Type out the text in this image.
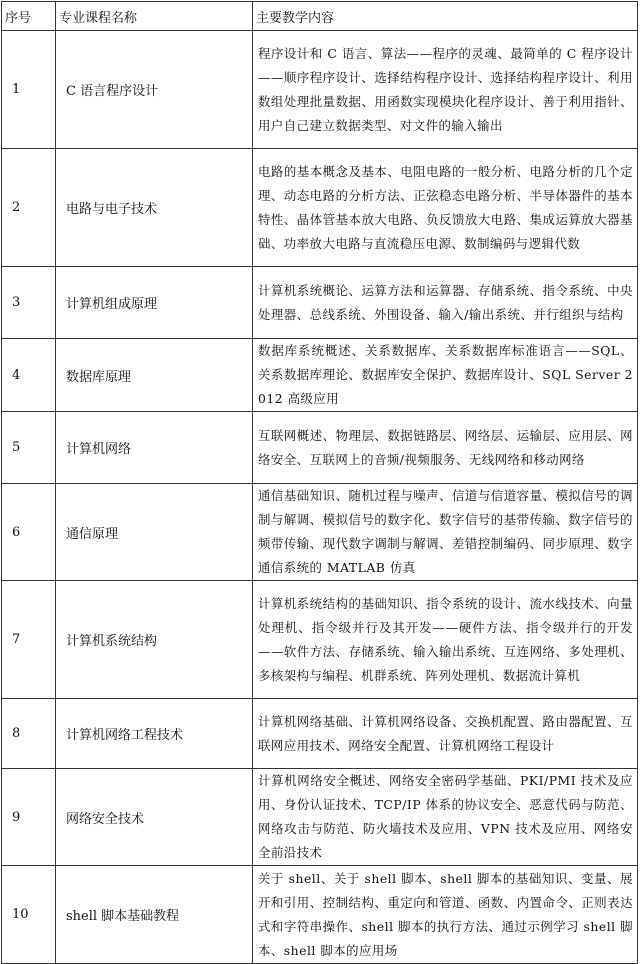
序号	专业课程名称	主要教学内容
1	C 语言程序设计	程序设计和 C 语言、算法——程序的灵魂、最简单的 C 程序设计——顺序程序设计、选择结构程序设计、选择结构程序设计、利用数组处理批量数据、用函数实现模块化程序设计、善于利用指针、用户自己建立数据类型、对文件的输入输出
2	电路与电子技术	电路的基本概念及基本、电阻电路的一般分析、电路分析的几个定理、动态电路的分析方法、正弦稳态电路分析、半导体器件的基本特性、晶体管基本放大电路、负反馈放大电路、集成运算放大器基础、功率放大电路与直流稳压电源、数制编码与逻辑代数
3	计算机组成原理	计算机系统概论、运算方法和运算器、存储系统、指令系统、中央处理器、总线系统、外围设备、输入/输出系统、并行组织与结构
4	数据库原理	数据库系统概述、关系数据库、关系数据库标准语言——SQL、关系数据库理论、数据库安全保护、数据库设计、SQL Server 2012 高级应用
5	计算机网络	互联网概述、物理层、数据链路层、网络层、运输层、应用层、网络安全、互联网上的音频/视频服务、无线网络和移动网络
6	通信原理	通信基础知识、随机过程与噪声、信道与信道容量、模拟信号的调制与解调、模拟信号的数字化、数字信号的基带传输、数字信号的频带传输、现代数字调制与解调、差错控制编码、同步原理、数字通信系统的 MATLAB 仿真
7	计算机系统结构	计算机系统结构的基础知识、指令系统的设计、流水线技术、向量处理机、指令级并行及其开发——硬件方法、指令级并行的开发——软件方法、存储系统、输入输出系统、互连网络、多处理机、多核架构与编程、机群系统、阵列处理机、数据流计算机
8	计算机网络工程技术	计算机网络基础、计算机网络设备、交换机配置、路由器配置、互联网应用技术、网络安全配置、计算机网络工程设计
9	网络安全技术	计算机网络安全概述、网络安全密码学基础、PKI/PMI 技术及应用、身份认证技术、TCP/IP 体系的协议安全、恶意代码与防范、网络攻击与防范、防火墙技术及应用、VPN 技术及应用、网络安全前沿技术
10	shell 脚本基础教程	关于 shell、关于 shell 脚本、shell 脚本的基础知识、变量、展开和引用、控制结构、重定向和管道、函数、内置命令、正则表达式和字符串操作、shell 脚本的执行方法、通过示例学习 shell 脚本、shell 脚本的应用场
